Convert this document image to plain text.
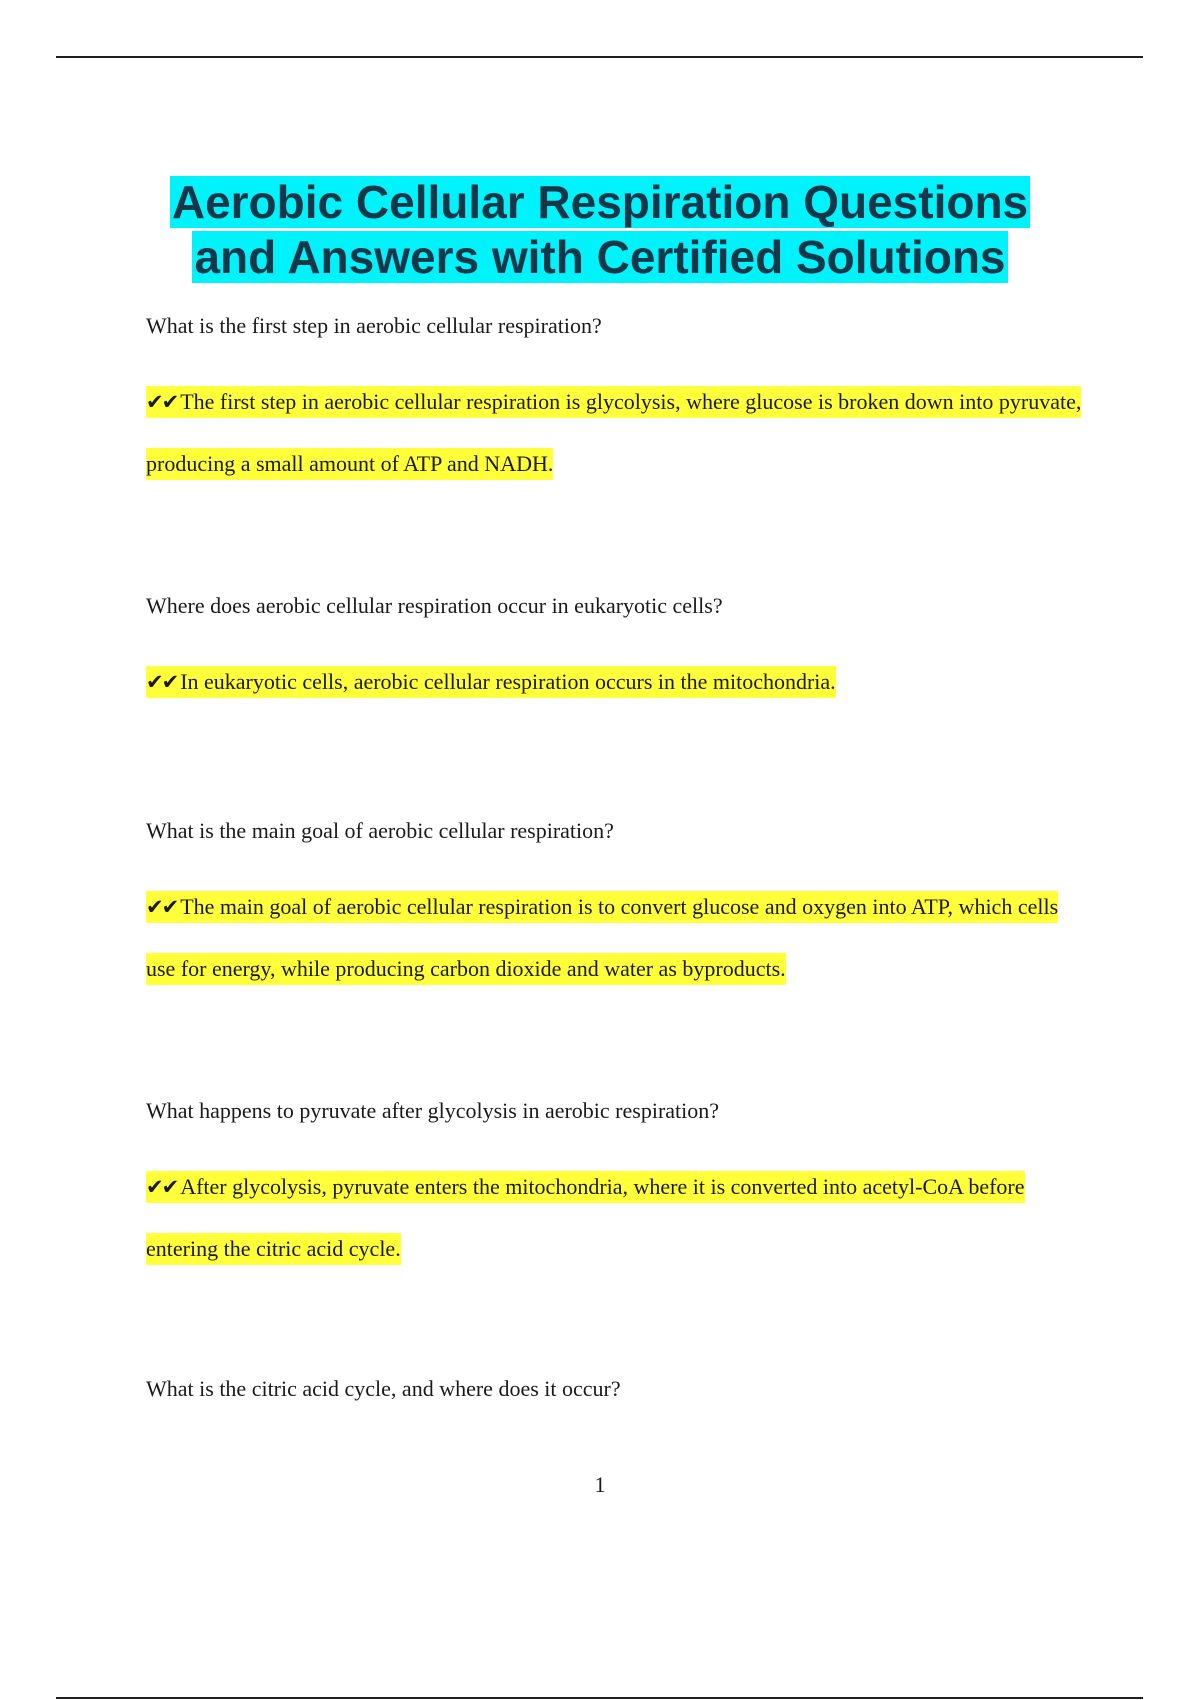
Aerobic Cellular Respiration Questions
and Answers with Certified Solutions

What is the first step in aerobic cellular respiration?

✔✔ The first step in aerobic cellular respiration is glycolysis, where glucose is broken down into pyruvate, producing a small amount of ATP and NADH.

Where does aerobic cellular respiration occur in eukaryotic cells?

✔✔ In eukaryotic cells, aerobic cellular respiration occurs in the mitochondria.

What is the main goal of aerobic cellular respiration?

✔✔ The main goal of aerobic cellular respiration is to convert glucose and oxygen into ATP, which cells use for energy, while producing carbon dioxide and water as byproducts.

What happens to pyruvate after glycolysis in aerobic respiration?

✔✔ After glycolysis, pyruvate enters the mitochondria, where it is converted into acetyl-CoA before entering the citric acid cycle.

What is the citric acid cycle, and where does it occur?

1
